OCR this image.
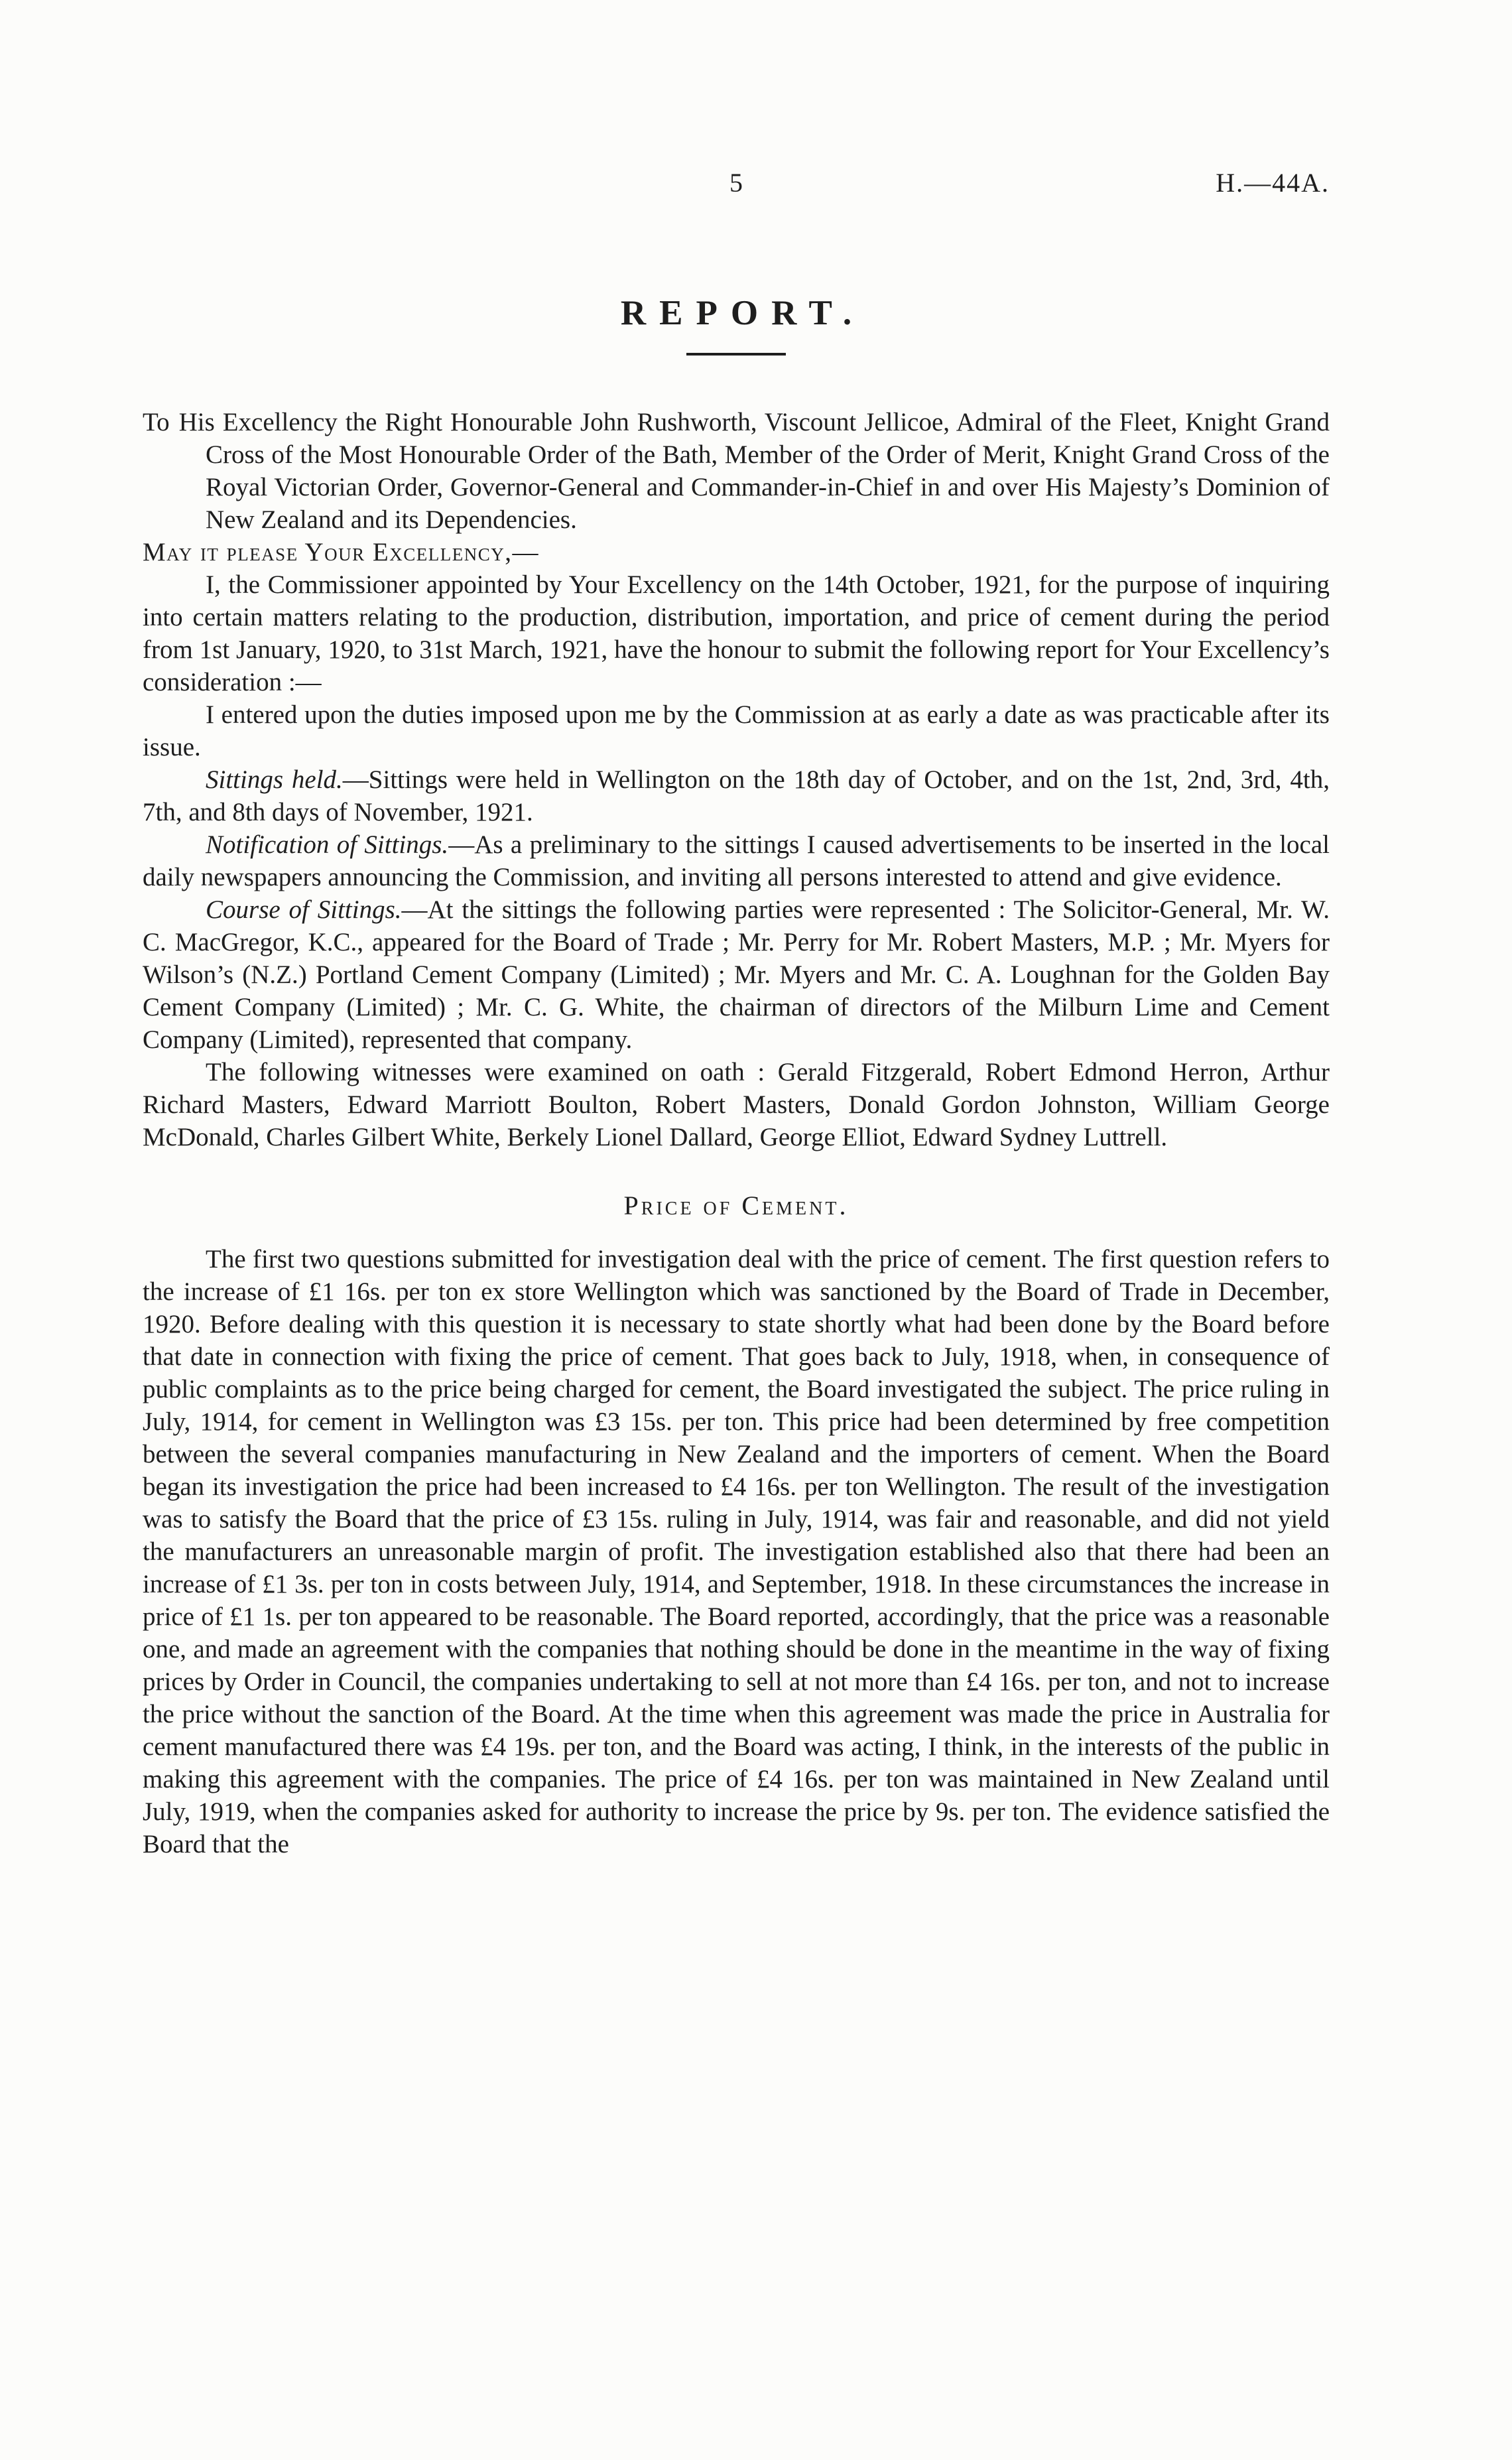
5	H.—44A.
REPORT.

To His Excellency the Right Honourable John Rushworth, Viscount Jellicoe, Admiral of the Fleet, Knight Grand Cross of the Most Honourable Order of the Bath, Member of the Order of Merit, Knight Grand Cross of the Royal Victorian Order, Governor-General and Commander-in-Chief in and over His Majesty’s Dominion of New Zealand and its Dependencies.

May it please Your Excellency,—

I, the Commissioner appointed by Your Excellency on the 14th October, 1921, for the purpose of inquiring into certain matters relating to the production, distribution, importation, and price of cement during the period from 1st January, 1920, to 31st March, 1921, have the honour to submit the following report for Your Excellency’s consideration :—

I entered upon the duties imposed upon me by the Commission at as early a date as was practicable after its issue.

Sittings held.—Sittings were held in Wellington on the 18th day of October, and on the 1st, 2nd, 3rd, 4th, 7th, and 8th days of November, 1921.

Notification of Sittings.—As a preliminary to the sittings I caused advertisements to be inserted in the local daily newspapers announcing the Commission, and inviting all persons interested to attend and give evidence.

Course of Sittings.—At the sittings the following parties were represented : The Solicitor-General, Mr. W. C. MacGregor, K.C., appeared for the Board of Trade ; Mr. Perry for Mr. Robert Masters, M.P. ; Mr. Myers for Wilson’s (N.Z.) Portland Cement Company (Limited) ; Mr. Myers and Mr. C. A. Loughnan for the Golden Bay Cement Company (Limited) ; Mr. C. G. White, the chairman of directors of the Milburn Lime and Cement Company (Limited), represented that company.

The following witnesses were examined on oath : Gerald Fitzgerald, Robert Edmond Herron, Arthur Richard Masters, Edward Marriott Boulton, Robert Masters, Donald Gordon Johnston, William George McDonald, Charles Gilbert White, Berkely Lionel Dallard, George Elliot, Edward Sydney Luttrell.

Price of Cement.

The first two questions submitted for investigation deal with the price of cement. The first question refers to the increase of £1 16s. per ton ex store Wellington which was sanctioned by the Board of Trade in December, 1920. Before dealing with this question it is necessary to state shortly what had been done by the Board before that date in connection with fixing the price of cement. That goes back to July, 1918, when, in consequence of public complaints as to the price being charged for cement, the Board investigated the subject. The price ruling in July, 1914, for cement in Wellington was £3 15s. per ton. This price had been determined by free competition between the several companies manufacturing in New Zealand and the importers of cement. When the Board began its investigation the price had been increased to £4 16s. per ton Wellington. The result of the investigation was to satisfy the Board that the price of £3 15s. ruling in July, 1914, was fair and reasonable, and did not yield the manufacturers an unreasonable margin of profit. The investigation established also that there had been an increase of £1 3s. per ton in costs between July, 1914, and September, 1918. In these circumstances the increase in price of £1 1s. per ton appeared to be reasonable. The Board reported, accordingly, that the price was a reasonable one, and made an agreement with the companies that nothing should be done in the meantime in the way of fixing prices by Order in Council, the companies undertaking to sell at not more than £4 16s. per ton, and not to increase the price without the sanction of the Board. At the time when this agreement was made the price in Australia for cement manufactured there was £4 19s. per ton, and the Board was acting, I think, in the interests of the public in making this agreement with the companies. The price of £4 16s. per ton was maintained in New Zealand until July, 1919, when the companies asked for authority to increase the price by 9s. per ton. The evidence satisfied the Board that the
